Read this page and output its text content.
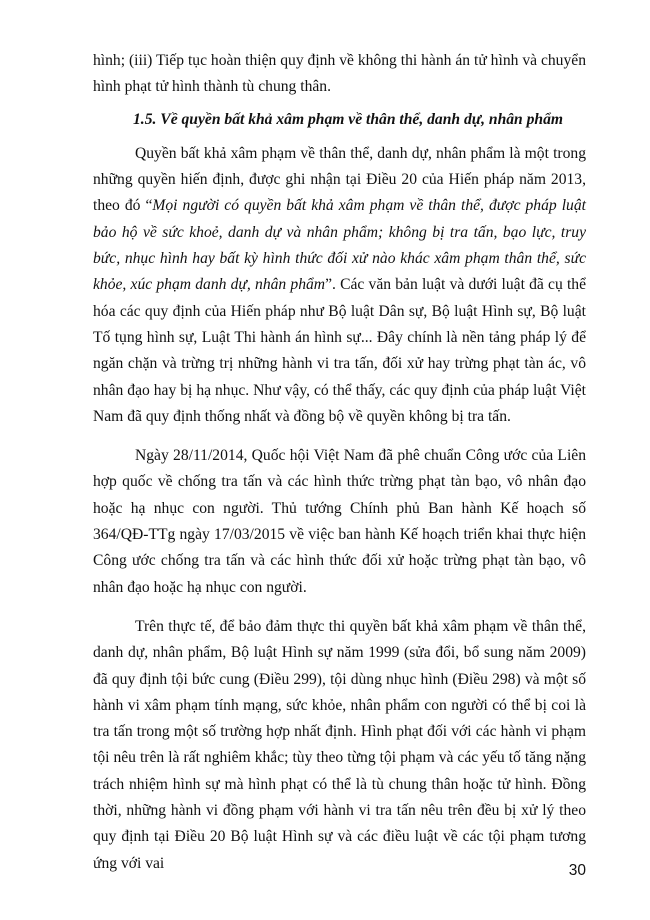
hình; (iii) Tiếp tục hoàn thiện quy định về không thi hành án tử hình và chuyển hình phạt tử hình thành tù chung thân.

1.5. Về quyền bất khả xâm phạm về thân thể, danh dự, nhân phẩm

Quyền bất khả xâm phạm về thân thể, danh dự, nhân phẩm là một trong những quyền hiến định, được ghi nhận tại Điều 20 của Hiến pháp năm 2013, theo đó “Mọi người có quyền bất khả xâm phạm về thân thể, được pháp luật bảo hộ về sức khoẻ, danh dự và nhân phẩm; không bị tra tấn, bạo lực, truy bức, nhục hình hay bất kỳ hình thức đối xử nào khác xâm phạm thân thể, sức khỏe, xúc phạm danh dự, nhân phẩm”. Các văn bản luật và dưới luật đã cụ thể hóa các quy định của Hiến pháp như Bộ luật Dân sự, Bộ luật Hình sự, Bộ luật Tố tụng hình sự, Luật Thi hành án hình sự... Đây chính là nền tảng pháp lý để ngăn chặn và trừng trị những hành vi tra tấn, đối xử hay trừng phạt tàn ác, vô nhân đạo hay bị hạ nhục. Như vậy, có thể thấy, các quy định của pháp luật Việt Nam đã quy định thống nhất và đồng bộ về quyền không bị tra tấn.

Ngày 28/11/2014, Quốc hội Việt Nam đã phê chuẩn Công ước của Liên hợp quốc về chống tra tấn và các hình thức trừng phạt tàn bạo, vô nhân đạo hoặc hạ nhục con người. Thủ tướng Chính phủ Ban hành Kế hoạch số 364/QĐ-TTg ngày 17/03/2015 về việc ban hành Kế hoạch triển khai thực hiện Công ước chống tra tấn và các hình thức đối xử hoặc trừng phạt tàn bạo, vô nhân đạo hoặc hạ nhục con người.

Trên thực tế, để bảo đảm thực thi quyền bất khả xâm phạm về thân thể, danh dự, nhân phẩm, Bộ luật Hình sự năm 1999 (sửa đổi, bổ sung năm 2009) đã quy định tội bức cung (Điều 299), tội dùng nhục hình (Điều 298) và một số hành vi xâm phạm tính mạng, sức khỏe, nhân phẩm con người có thể bị coi là tra tấn trong một số trường hợp nhất định. Hình phạt đối với các hành vi phạm tội nêu trên là rất nghiêm khắc; tùy theo từng tội phạm và các yếu tố tăng nặng trách nhiệm hình sự mà hình phạt có thể là tù chung thân hoặc tử hình. Đồng thời, những hành vi đồng phạm với hành vi tra tấn nêu trên đều bị xử lý theo quy định tại Điều 20 Bộ luật Hình sự và các điều luật về các tội phạm tương ứng với vai	30
